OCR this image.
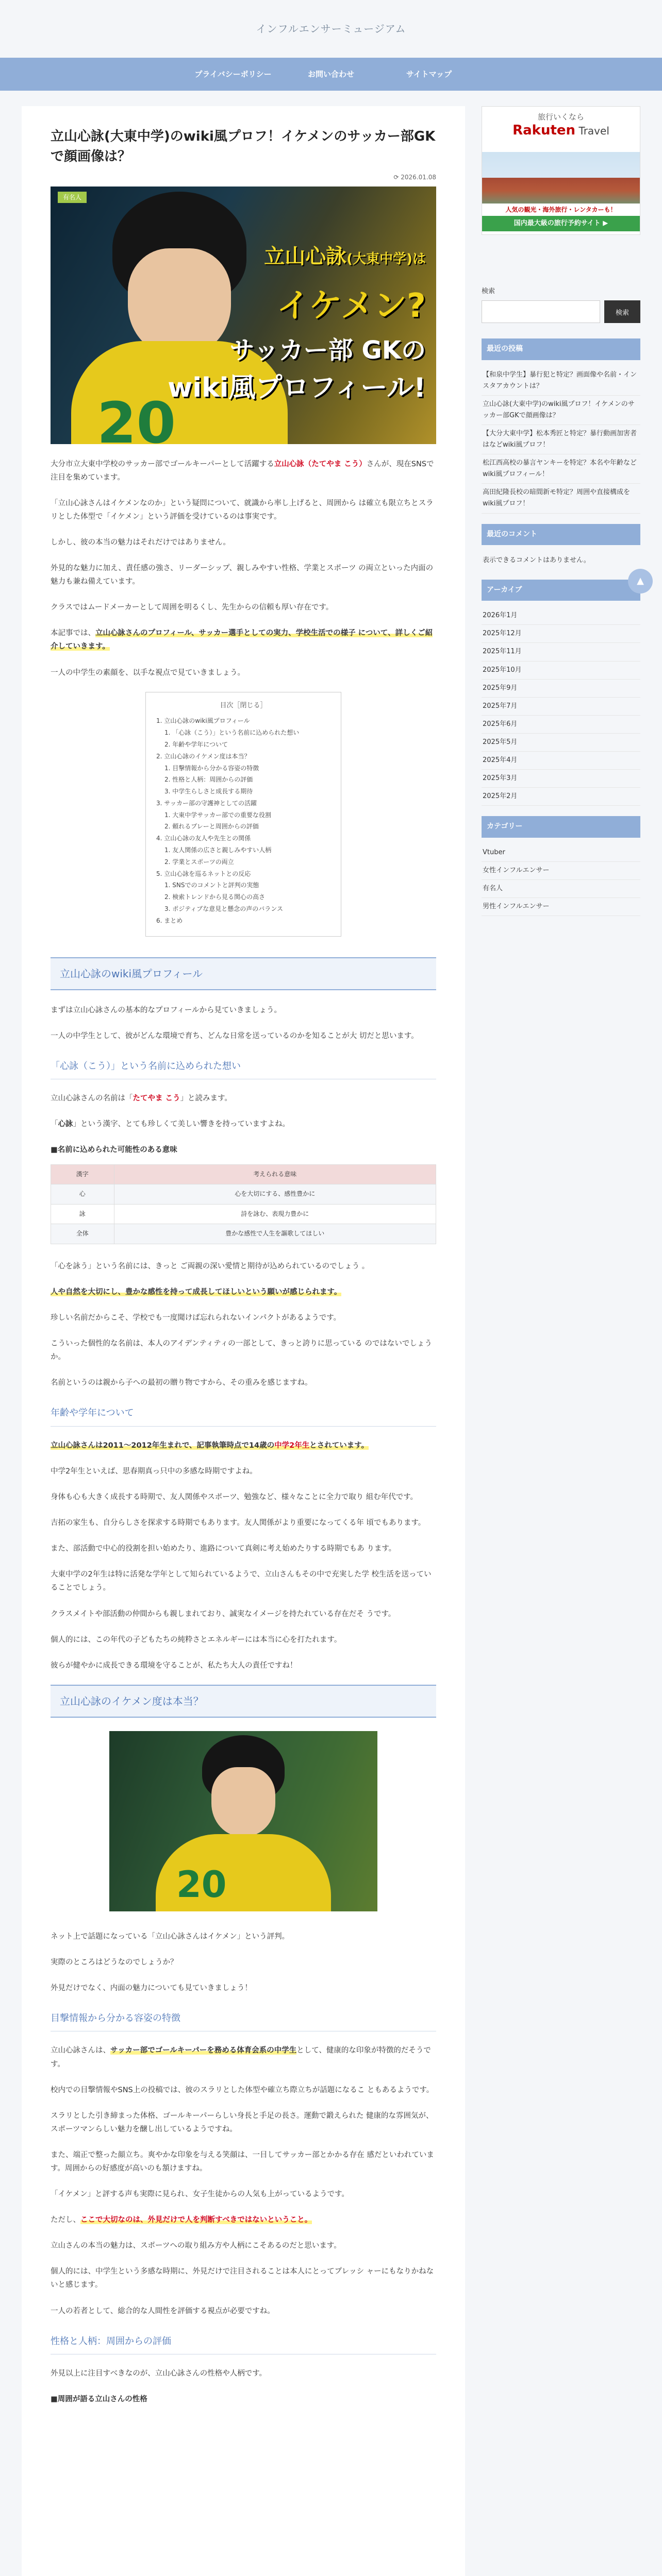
インフルエンサーミュージアム
プライバシーポリシー	お問い合わせ	サイトマップ
立山心詠(大東中学)のwiki風プロフ！イケメンのサッカー部GKで顔画像は？
⟳ 2026.01.08
20
有名人
立山心詠(大東中学)は
イケメン?
サッカー部 GKの
wiki風プロフィール!

大分市立大東中学校のサッカー部でゴールキーパーとして活躍する立山心詠（たてやま こう）さんが、現在SNSで注目を集めています。

「立山心詠さんはイケメンなのか」という疑問について、就識から率し上げると、周囲から は確立も限立ちとスラリとした体型で「イケメン」という評価を受けているのは事実です。

しかし、彼の本当の魅力はそれだけではありません。

外見的な魅力に加え、責任感の強さ、リーダーシップ、親しみやすい性格、学業とスポーツ の両立といった内面の魅力も兼ね備えています。

クラスではムードメーカーとして周囲を明るくし、先生からの信頼も厚い存在です。

本記事では、立山心詠さんのプロフィール、サッカー選手としての実力、学校生活での様子 について、詳しくご紹介していきます。

一人の中学生の素顔を、以手な視点で見ていきましょう。

目次［閉じる］
1. 立山心詠のwiki風プロフィール
1. 「心詠（こう）」という名前に込められた想い
2. 年齢や学年について
2. 立山心詠のイケメン度は本当？
1. 目撃情報から分かる容姿の特徴
2. 性格と人柄：周囲からの評価
3. 中学生らしさと成長する期待
3. サッカー部の守護神としての活躍
1. 大東中学サッカー部での重要な役割
2. 頼れるプレーと周囲からの評価
4. 立山心詠の友人や先生との関係
1. 友人関係の広さと親しみやすい人柄
2. 学業とスポーツの両立
5. 立山心詠を巡るネットとの反応
1. SNSでのコメントと評判の実態
2. 検索トレンドから見る関心の高さ
3. ポジティブな意見と懸念の声のバランス
6. まとめ
立山心詠のwiki風プロフィール

まずは立山心詠さんの基本的なプロフィールから見ていきましょう。

一人の中学生として、彼がどんな環境で育ち、どんな日常を送っているのかを知ることが大 切だと思います。

「心詠（こう）」という名前に込められた想い

立山心詠さんの名前は「たてやま こう」と読みます。

「心詠」という漢字、とても珍しくて美しい響きを持っていますよね。

■名前に込められた可能性のある意味
漢字	考えられる意味
心	心を大切にする、感性豊かに
詠	詩を詠む、表現力豊かに
全体	豊かな感性で人生を謳歌してほしい

「心を詠う」という名前には、きっと ご両親の深い愛情と期待が込められているのでしょう 。

人や自然を大切にし、豊かな感性を持って成長してほしいという願いが感じられます。

珍しい名前だからこそ、学校でも一度聞けば忘れられないインパクトがあるようです。

こういった個性的な名前は、本人のアイデンティティの一部として、きっと誇りに思っている のではないでしょうか。

名前というのは親から子への最初の贈り物ですから、その重みを感じますね。

年齢や学年について

立山心詠さんは2011〜2012年生まれで、記事執筆時点で14歳の中学2年生とされています。

中学2年生といえば、思春期真っ只中の多感な時期ですよね。

身体も心も大きく成長する時期で、友人関係やスポーツ、勉強など、様々なことに全力で取り 組む年代です。

吉拓の家生も、自分らしさを探求する時期でもあります。友人関係がより重要になってくる年 頃でもあります。

また、部活動で中心的役割を担い始めたり、進路について真剣に考え始めたりする時期でもあ ります。

大東中学の2年生は特に活発な学年として知られているようで、立山さんもその中で充実した学 校生活を送っていることでしょう。

クラスメイトや部活動の仲間からも親しまれており、誠実なイメージを持たれている存在だそ うです。

個人的には、この年代の子どもたちの純粋さとエネルギーには本当に心を打たれます。

彼らが健やかに成長できる環境を守ることが、私たち大人の責任ですね！

立山心詠のイケメン度は本当？
20

ネット上で話題になっている「立山心詠さんはイケメン」という評判。

実際のところはどうなのでしょうか？

外見だけでなく、内面の魅力についても見ていきましょう！

目撃情報から分かる容姿の特徴

立山心詠さんは、サッカー部でゴールキーパーを務める体育会系の中学生として、健康的な印象が特徴的だそうです。

校内での目撃情報やSNS上の投稿では、彼のスラリとした体型や確立ち際立ちが話題になるこ ともあるようです。

スラリとした引き締まった体格、ゴールキーパーらしい身長と手足の長さ。運動で鍛えられた 健康的な雰囲気が、スポーツマンらしい魅力を醸し出しているようですね。

また、端正で整った顔立ち。爽やかな印象を与える笑顔は、一目してサッカー部とかかる存在 感だといわれています。周囲からの好感度が高いのも頷けますね。

「イケメン」と評する声も実際に見られ、女子生徒からの人気も上がっているようです。

ただし、ここで大切なのは、外見だけで人を判断すべきではないということ。

立山さんの本当の魅力は、スポーツへの取り組み方や人柄にこそあるのだと思います。

個人的には、中学生という多感な時期に、外見だけで注目されることは本人にとってプレッシ ャーにもなりかねないと感じます。

一人の若者として、総合的な人間性を評価する視点が必要ですね。

性格と人柄：周囲からの評価

外見以上に注目すべきなのが、立山心詠さんの性格や人柄です。

■周囲が語る立山さんの性格
旅行いくなら
Rakuten Travel
人気の観光・海外旅行・レンタカーも！
国内最大級の旅行予約サイト ▶
検索
検索
最近の投稿
【和泉中学生】暴行犯と特定？画面像や名前・インスタアカウントは？
立山心詠(大東中学)のwiki風プロフ！イケメンのサッカー部GKで顔画像は？
【大分大東中学】松本秀匠と特定？暴行動画加害者はなどwiki風プロフ！
松江西高校の暴言ヤンキーを特定？本名や年齢などwiki風プロフィール！
高田紀隆長校の暗間新モ特定？周囲や直接構成をwiki風プロフ！
最近のコメント
表示できるコメントはありません。
アーカイブ
2026年1月
2025年12月
2025年11月
2025年10月
2025年9月
2025年7月
2025年6月
2025年5月
2025年4月
2025年3月
2025年2月
カテゴリー
Vtuber
女性インフルエンサー
有名人
男性インフルエンサー
▲
